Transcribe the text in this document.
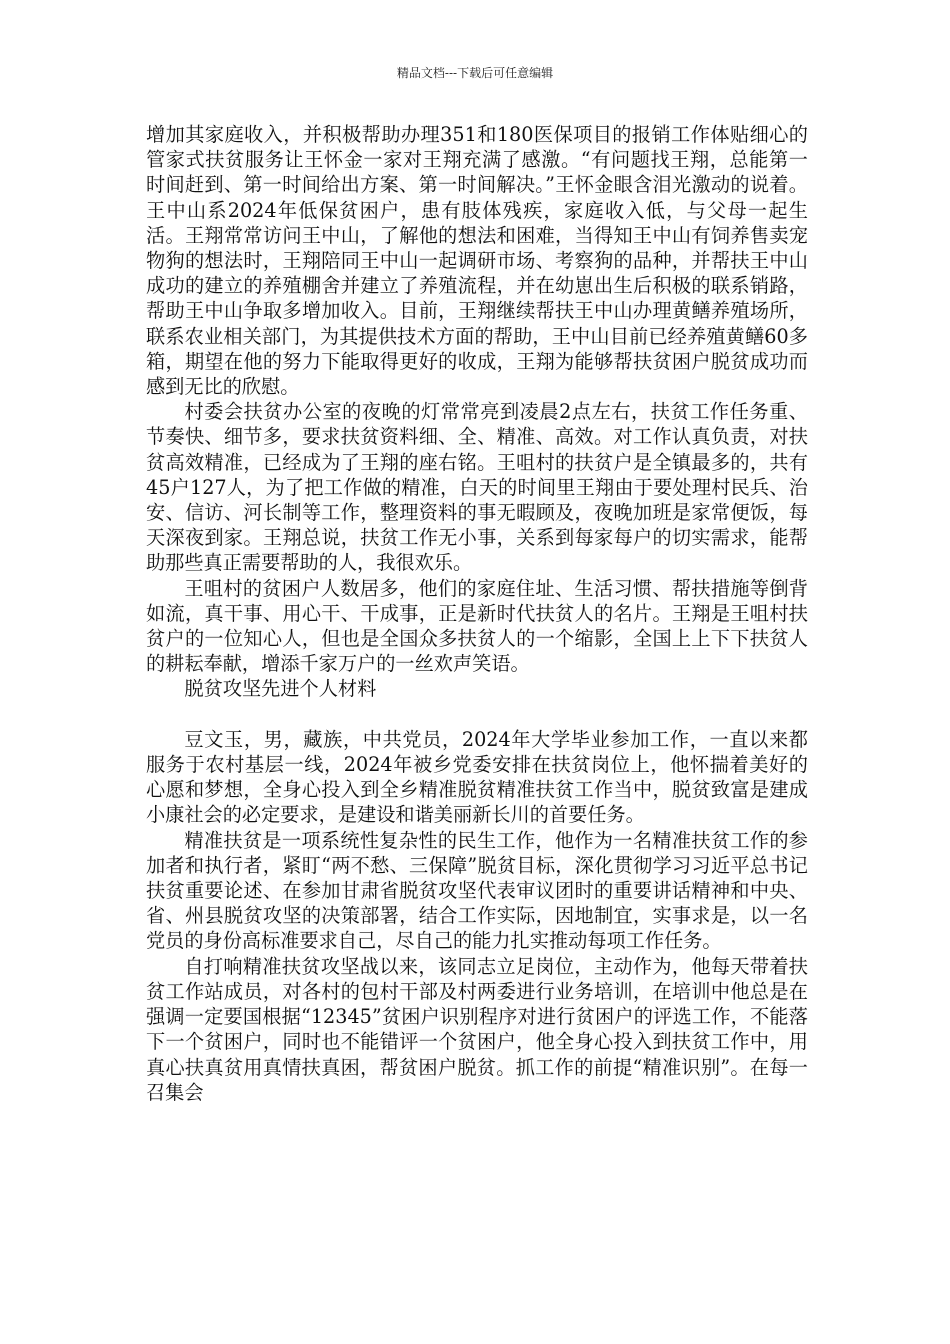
精品文档---下载后可任意编辑

增加其家庭收入，并积极帮助办理351和180医保项目的报销工作体贴细心的管家式扶贫服务让王怀金一家对王翔充满了感激。“有问题找王翔，总能第一时间赶到、第一时间给出方案、第一时间解决。”王怀金眼含泪光激动的说着。王中山系2024年低保贫困户，患有肢体残疾，家庭收入低，与父母一起生活。王翔常常访问王中山，了解他的想法和困难，当得知王中山有饲养售卖宠物狗的想法时，王翔陪同王中山一起调研市场、考察狗的品种，并帮扶王中山成功的建立的养殖棚舍并建立了养殖流程，并在幼崽出生后积极的联系销路，帮助王中山争取多增加收入。目前，王翔继续帮扶王中山办理黄鳝养殖场所，联系农业相关部门，为其提供技术方面的帮助，王中山目前已经养殖黄鳝60多箱，期望在他的努力下能取得更好的收成，王翔为能够帮扶贫困户脱贫成功而感到无比的欣慰。

村委会扶贫办公室的夜晚的灯常常亮到凌晨2点左右，扶贫工作任务重、节奏快、细节多，要求扶贫资料细、全、精准、高效。对工作认真负责，对扶贫高效精准，已经成为了王翔的座右铭。王咀村的扶贫户是全镇最多的，共有45户127人，为了把工作做的精准，白天的时间里王翔由于要处理村民兵、治安、信访、河长制等工作，整理资料的事无暇顾及，夜晚加班是家常便饭，每天深夜到家。王翔总说，扶贫工作无小事，关系到每家每户的切实需求，能帮助那些真正需要帮助的人，我很欢乐。

王咀村的贫困户人数居多，他们的家庭住址、生活习惯、帮扶措施等倒背如流，真干事、用心干、干成事，正是新时代扶贫人的名片。王翔是王咀村扶贫户的一位知心人，但也是全国众多扶贫人的一个缩影，全国上上下下扶贫人的耕耘奉献，增添千家万户的一丝欢声笑语。

脱贫攻坚先进个人材料

豆文玉，男，藏族，中共党员，2024年大学毕业参加工作，一直以来都服务于农村基层一线，2024年被乡党委安排在扶贫岗位上，他怀揣着美好的心愿和梦想，全身心投入到全乡精准脱贫精准扶贫工作当中，脱贫致富是建成小康社会的必定要求，是建设和谐美丽新长川的首要任务。

精准扶贫是一项系统性复杂性的民生工作，他作为一名精准扶贫工作的参加者和执行者，紧盯“两不愁、三保障”脱贫目标，深化贯彻学习习近平总书记扶贫重要论述、在参加甘肃省脱贫攻坚代表审议团时的重要讲话精神和中央、省、州县脱贫攻坚的决策部署，结合工作实际，因地制宜，实事求是，以一名党员的身份高标准要求自己，尽自己的能力扎实推动每项工作任务。

自打响精准扶贫攻坚战以来，该同志立足岗位，主动作为，他每天带着扶贫工作站成员，对各村的包村干部及村两委进行业务培训，在培训中他总是在强调一定要国根据“12345”贫困户识别程序对进行贫困户的评选工作，不能落下一个贫困户，同时也不能错评一个贫困户，他全身心投入到扶贫工作中，用真心扶真贫用真情扶真困，帮贫困户脱贫。抓工作的前提“精准识别”。在每一召集会
